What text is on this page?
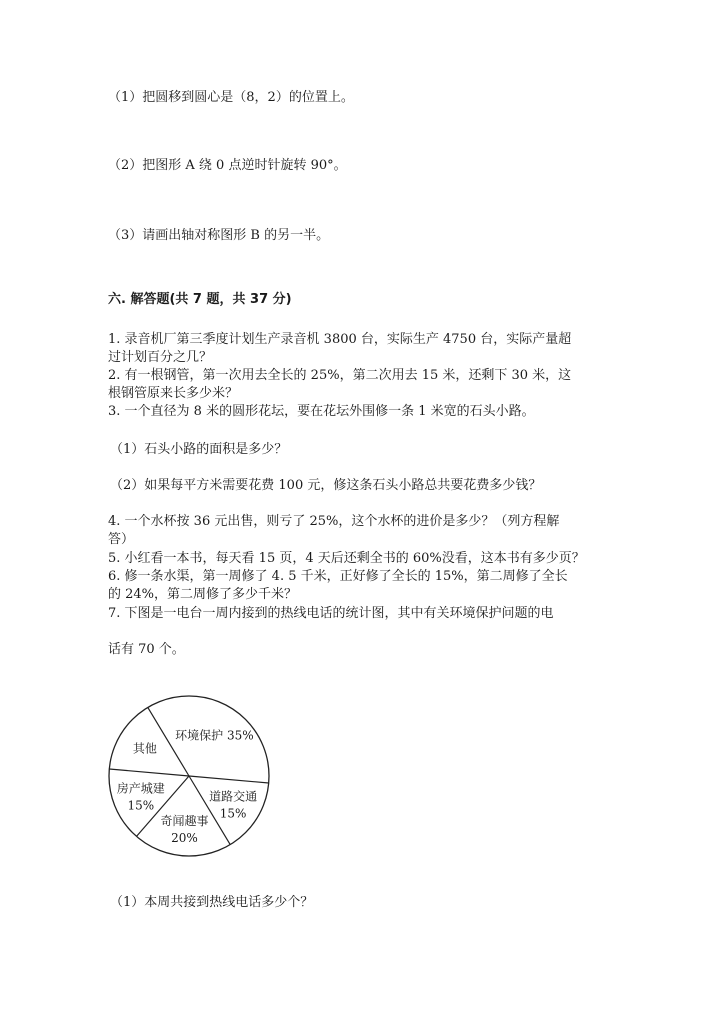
（1）把圆移到圆心是（8，2）的位置上。
（2）把图形 A 绕 0 点逆时针旋转 90°。
（3）请画出轴对称图形 B 的另一半。
六. 解答题(共 7 题，共 37 分)
1. 录音机厂第三季度计划生产录音机 3800 台，实际生产 4750 台，实际产量超
过计划百分之几？
2. 有一根钢管，第一次用去全长的 25%，第二次用去 15 米，还剩下 30 米，这
根钢管原来长多少米？
3. 一个直径为 8 米的圆形花坛，要在花坛外围修一条 1 米宽的石头小路。
（1）石头小路的面积是多少？
（2）如果每平方米需要花费 100 元，修这条石头小路总共要花费多少钱？
4. 一个水杯按 36 元出售，则亏了 25%，这个水杯的进价是多少？（列方程解
答）
5. 小红看一本书，每天看 15 页，4 天后还剩全书的 60%没看，这本书有多少页？
6. 修一条水渠，第一周修了 4. 5 千米，正好修了全长的 15%，第二周修了全长
的 24%，第二周修了多少千米？
7. 下图是一电台一周内接到的热线电话的统计图，其中有关环境保护问题的电
话有 70 个。
环境保护 35%
道路交通 15%
奇闻趣事 20%
房产城建 15%
其他
（1）本周共接到热线电话多少个？
